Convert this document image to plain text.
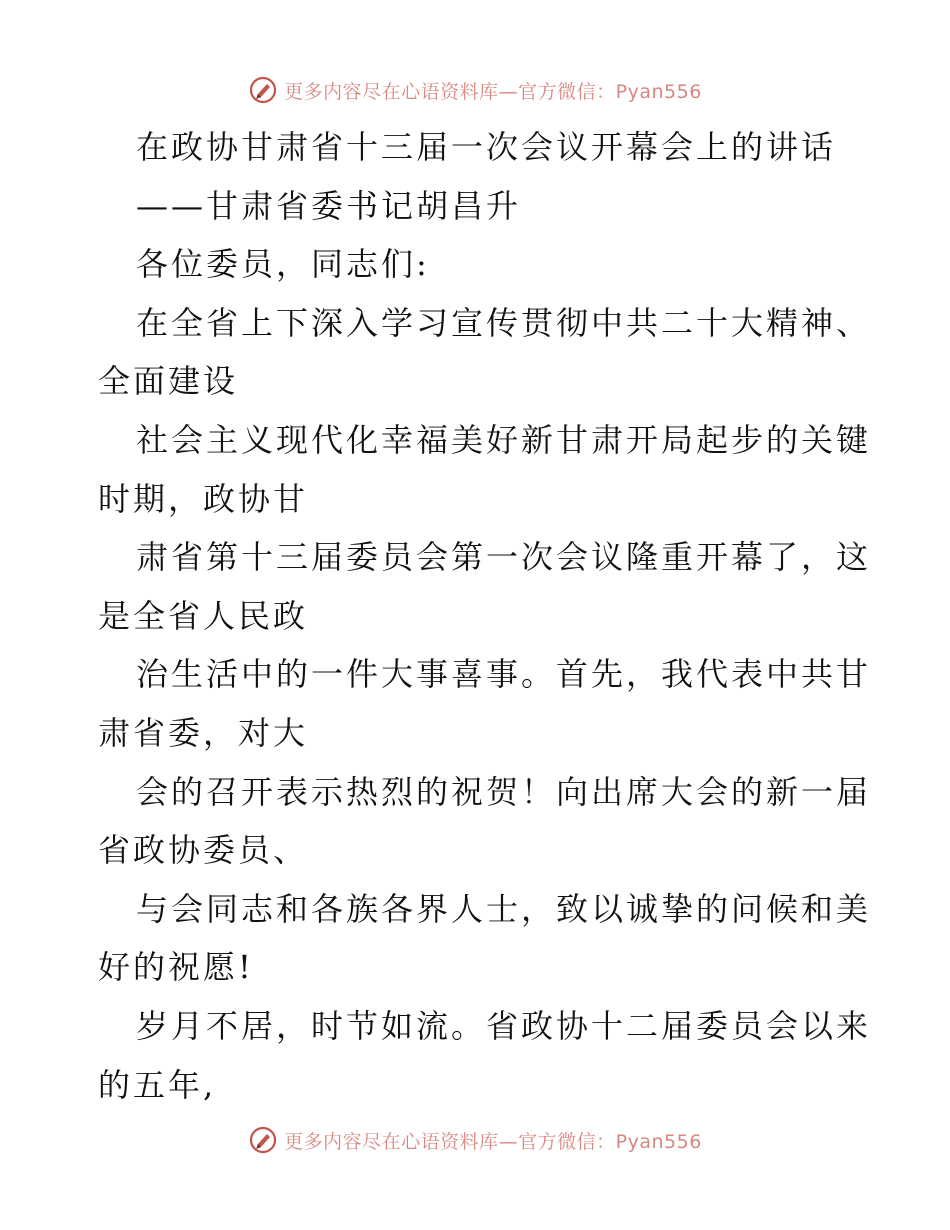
更多内容尽在心语资料库—官方微信：Pyan556
在政协甘肃省十三届一次会议开幕会上的讲话
——甘肃省委书记胡昌升
各位委员，同志们:
在全省上下深入学习宣传贯彻中共二十大精神、
全面建设
社会主义现代化幸福美好新甘肃开局起步的关键
时期，政协甘
肃省第十三届委员会第一次会议隆重开幕了，这
是全省人民政
治生活中的一件大事喜事。首先，我代表中共甘
肃省委，对大
会的召开表示热烈的祝贺！向出席大会的新一届
省政协委员、
与会同志和各族各界人士，致以诚挚的问候和美
好的祝愿!
岁月不居，时节如流。省政协十二届委员会以来
的五年,
更多内容尽在心语资料库—官方微信：Pyan556
